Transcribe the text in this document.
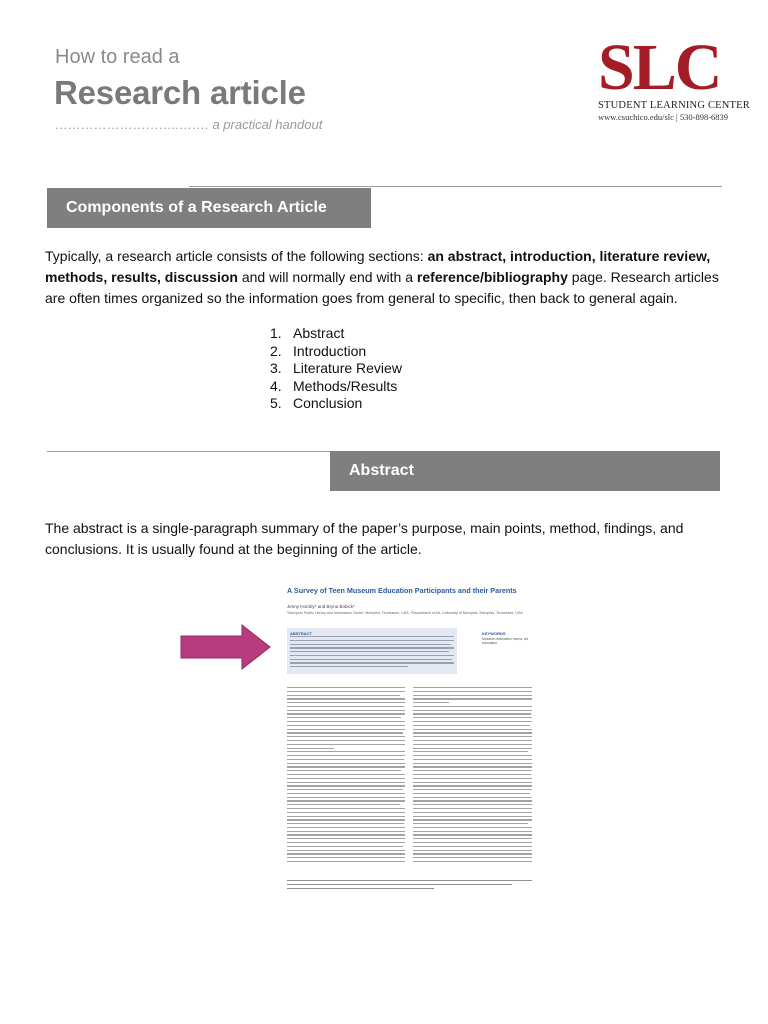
How to read a
Research article
………………………..……. a practical handout
SLC
STUDENT LEARNING CENTER
www.csuchico.edu/slc | 530-898-6839
Components of a Research Article
Typically, a research article consists of the following sections: an abstract, introduction, literature review, methods, results, discussion and will normally end with a reference/bibliography page. Research articles are often times organized so the information goes from general to specific, then back to general again.
1. Abstract
2. Introduction
3. Literature Review
4. Methods/Results
5. Conclusion
Abstract
The abstract is a single-paragraph summary of the paper’s purpose, main points, method, findings, and conclusions. It is usually found at the beginning of the article.
A Survey of Teen Museum Education Participants and their Parents
Jenny Hornby* and Bryna Bobick*
*Memphis Public Library and Information Center, Memphis, Tennessee, USA; *Department of Art, University of Memphis, Memphis, Tennessee, USA
ABSTRACT	KEYWORDS
Museum education; teens; art education
